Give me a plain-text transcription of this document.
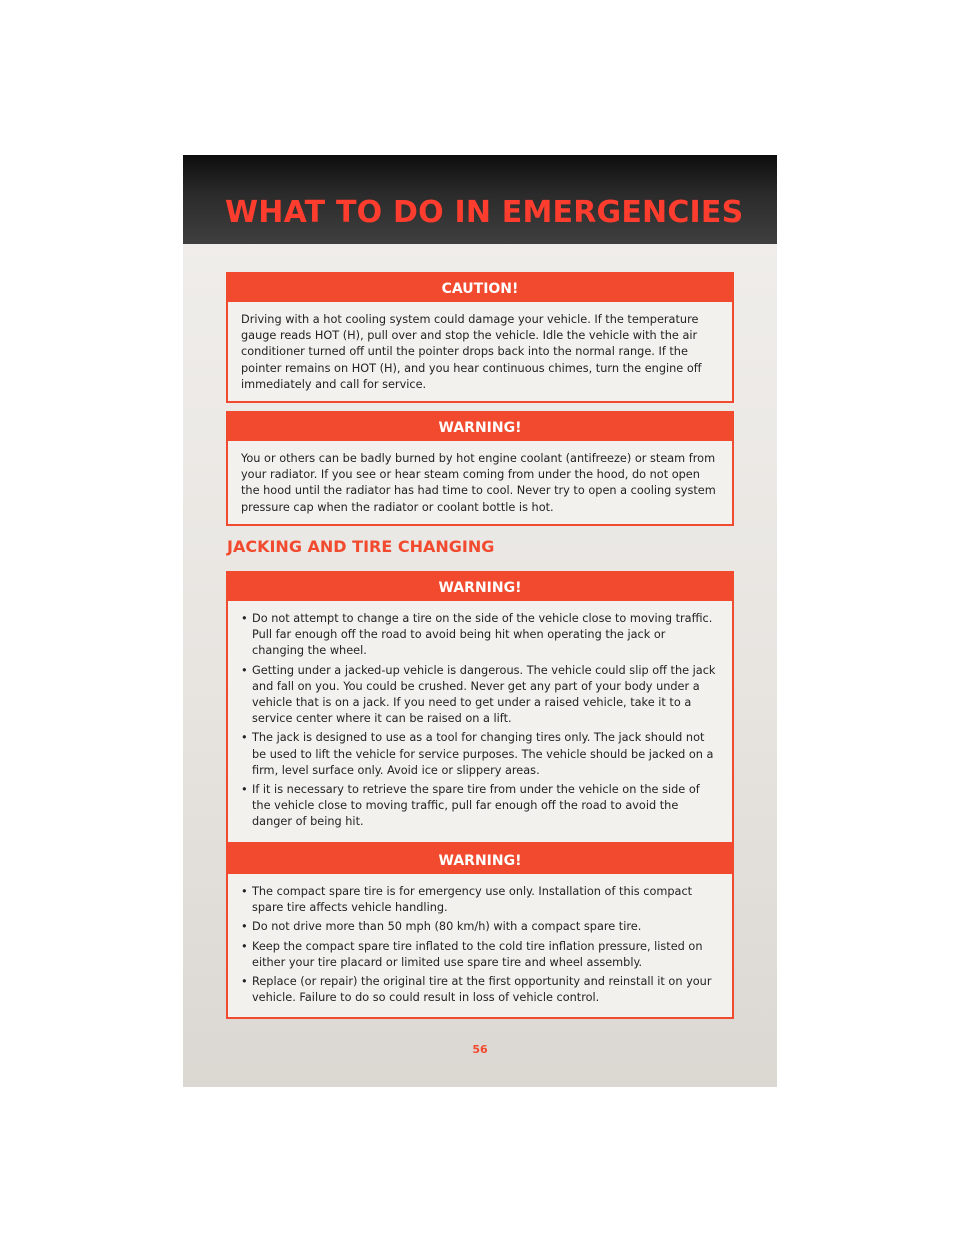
WHAT TO DO IN EMERGENCIES
CAUTION!

Driving with a hot cooling system could damage your vehicle. If the temperature gauge reads HOT (H), pull over and stop the vehicle. Idle the vehicle with the air conditioner turned off until the pointer drops back into the normal range. If the pointer remains on HOT (H), and you hear continuous chimes, turn the engine off immediately and call for service.

WARNING!

You or others can be badly burned by hot engine coolant (antifreeze) or steam from your radiator. If you see or hear steam coming from under the hood, do not open the hood until the radiator has had time to cool. Never try to open a cooling system pressure cap when the radiator or coolant bottle is hot.

JACKING AND TIRE CHANGING
WARNING!
• Do not attempt to change a tire on the side of the vehicle close to moving traffic. Pull far enough off the road to avoid being hit when operating the jack or changing the wheel.
• Getting under a jacked-up vehicle is dangerous. The vehicle could slip off the jack and fall on you. You could be crushed. Never get any part of your body under a vehicle that is on a jack. If you need to get under a raised vehicle, take it to a service center where it can be raised on a lift.
• The jack is designed to use as a tool for changing tires only. The jack should not be used to lift the vehicle for service purposes. The vehicle should be jacked on a firm, level surface only. Avoid ice or slippery areas.
• If it is necessary to retrieve the spare tire from under the vehicle on the side of the vehicle close to moving traffic, pull far enough off the road to avoid the danger of being hit.
WARNING!
• The compact spare tire is for emergency use only. Installation of this compact spare tire affects vehicle handling.
• Do not drive more than 50 mph (80 km/h) with a compact spare tire.
• Keep the compact spare tire inflated to the cold tire inflation pressure, listed on either your tire placard or limited use spare tire and wheel assembly.
• Replace (or repair) the original tire at the first opportunity and reinstall it on your vehicle. Failure to do so could result in loss of vehicle control.
56
